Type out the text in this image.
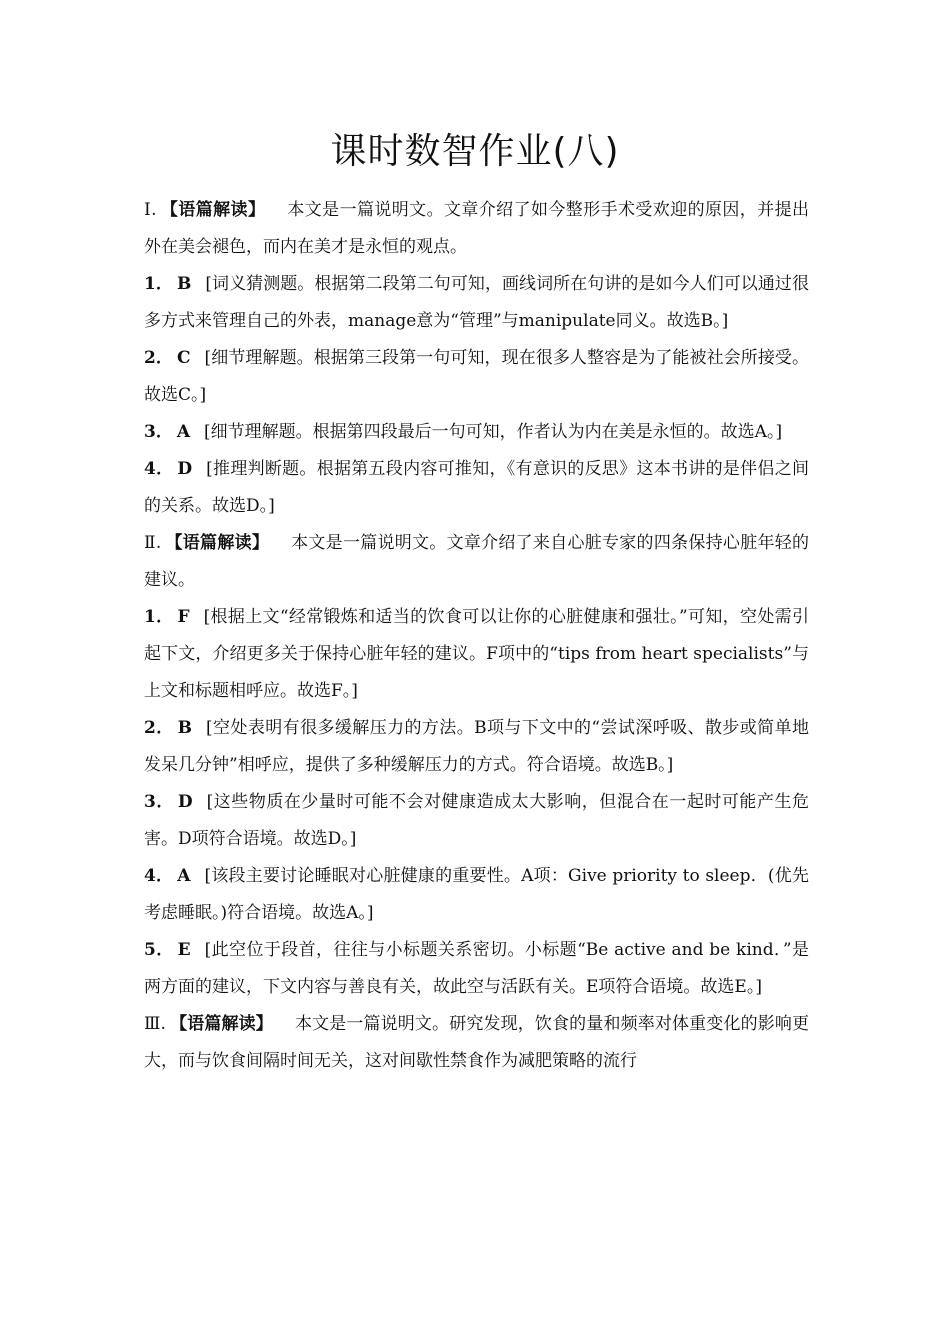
课时数智作业(八)

Ⅰ. 【语篇解读】 本文是一篇说明文。文章介绍了如今整形手术受欢迎的原因，并提出外在美会褪色，而内在美才是永恒的观点。

1． B [词义猜测题。根据第二段第二句可知，画线词所在句讲的是如今人们可以通过很多方式来管理自己的外表，manage意为“管理”与manipulate同义。故选B。]

2． C [细节理解题。根据第三段第一句可知，现在很多人整容是为了能被社会所接受。故选C。]

3． A [细节理解题。根据第四段最后一句可知，作者认为内在美是永恒的。故选A。]

4． D [推理判断题。根据第五段内容可推知，《有意识的反思》这本书讲的是伴侣之间的关系。故选D。]

Ⅱ. 【语篇解读】 本文是一篇说明文。文章介绍了来自心脏专家的四条保持心脏年轻的建议。

1． F [根据上文“经常锻炼和适当的饮食可以让你的心脏健康和强壮。”可知，空处需引起下文，介绍更多关于保持心脏年轻的建议。F项中的“tips from heart specialists”与上文和标题相呼应。故选F。]

2． B [空处表明有很多缓解压力的方法。B项与下文中的“尝试深呼吸、散步或简单地发呆几分钟”相呼应，提供了多种缓解压力的方式。符合语境。故选B。]

3． D [这些物质在少量时可能不会对健康造成太大影响，但混合在一起时可能产生危害。D项符合语境。故选D。]

4． A [该段主要讨论睡眠对心脏健康的重要性。A项：Give priority to sleep．(优先考虑睡眠。)符合语境。故选A。]

5． E [此空位于段首，往往与小标题关系密切。小标题“Be active and be kind．”是两方面的建议，下文内容与善良有关，故此空与活跃有关。E项符合语境。故选E。]

Ⅲ. 【语篇解读】 本文是一篇说明文。研究发现，饮食的量和频率对体重变化的影响更大，而与饮食间隔时间无关，这对间歇性禁食作为减肥策略的流行
